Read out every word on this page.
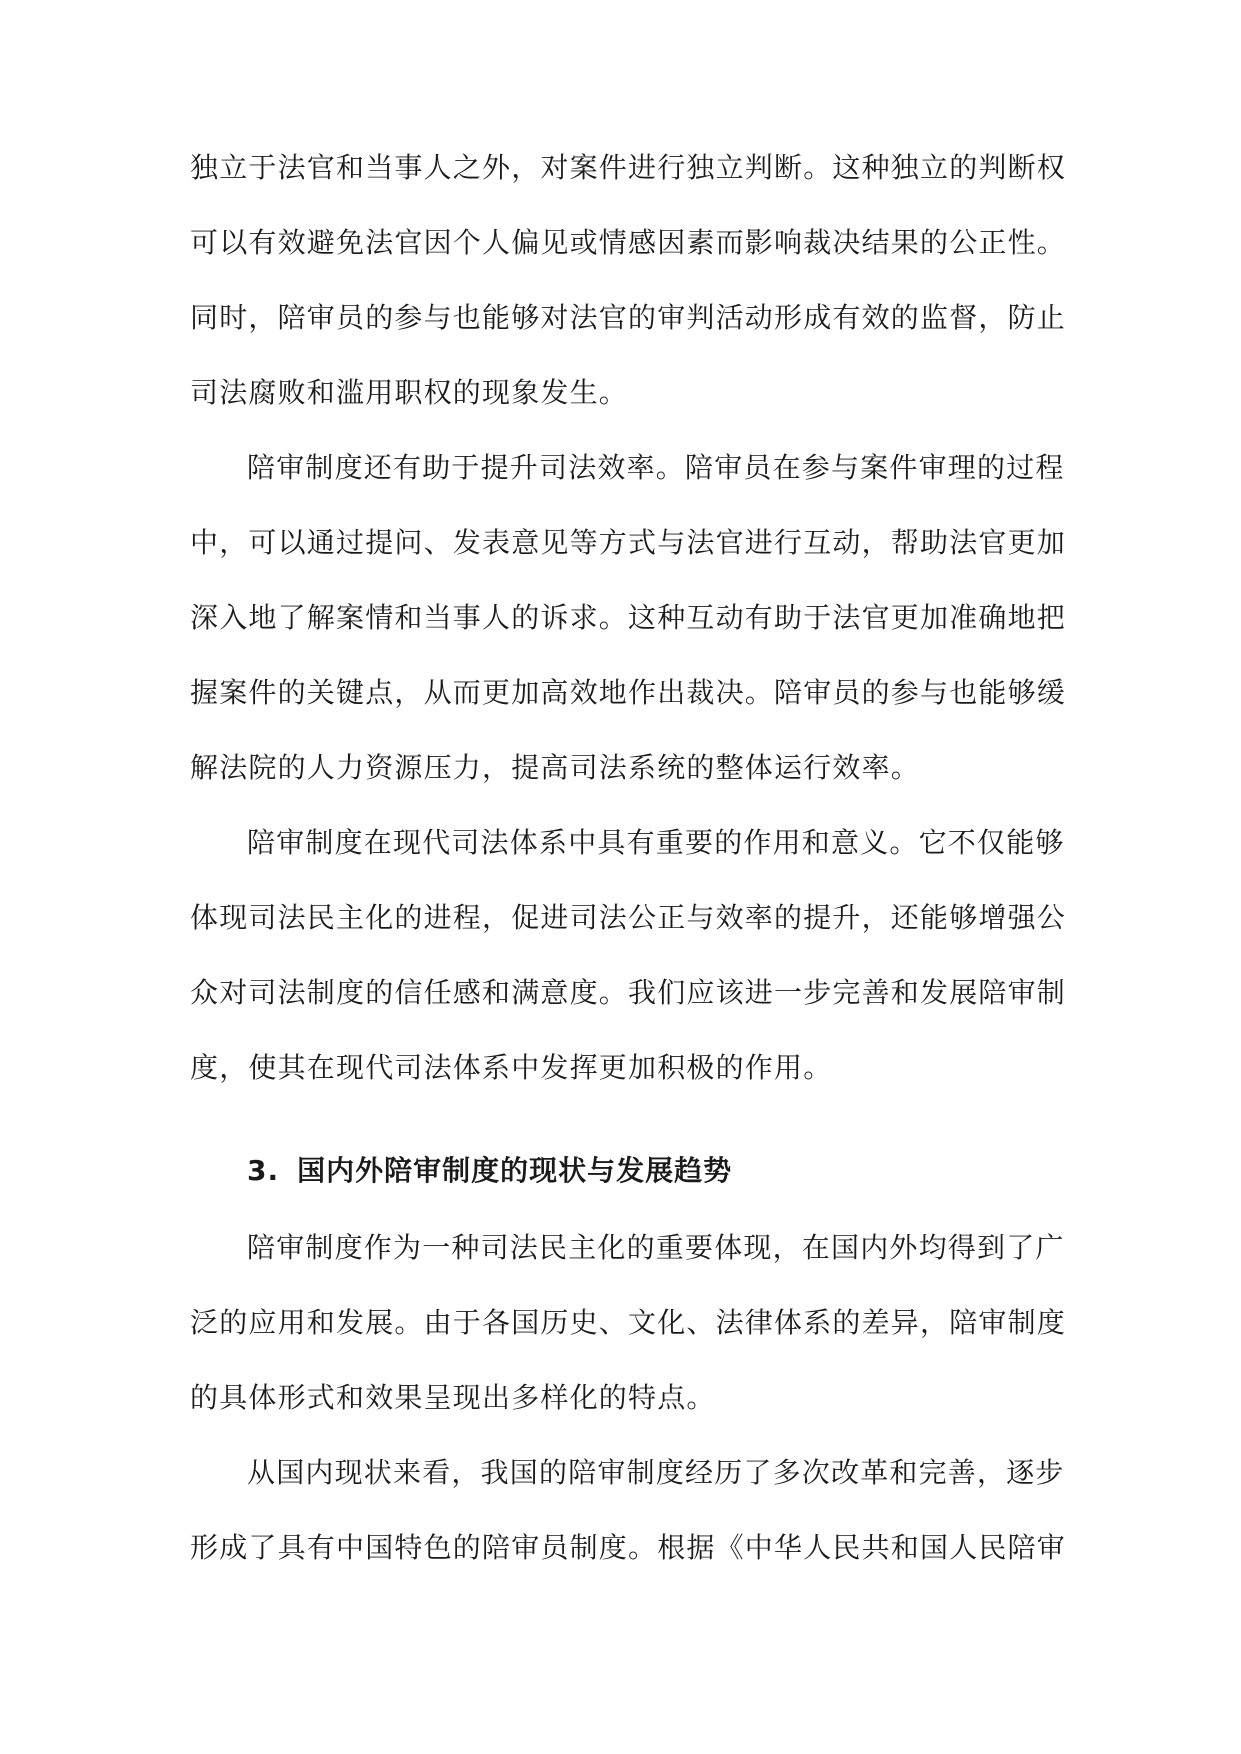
独立于法官和当事人之外，对案件进行独立判断。这种独立的判断权
可以有效避免法官因个人偏见或情感因素而影响裁决结果的公正性。
同时，陪审员的参与也能够对法官的审判活动形成有效的监督，防止
司法腐败和滥用职权的现象发生。
陪审制度还有助于提升司法效率。陪审员在参与案件审理的过程
中，可以通过提问、发表意见等方式与法官进行互动，帮助法官更加
深入地了解案情和当事人的诉求。这种互动有助于法官更加准确地把
握案件的关键点，从而更加高效地作出裁决。陪审员的参与也能够缓
解法院的人力资源压力，提高司法系统的整体运行效率。
陪审制度在现代司法体系中具有重要的作用和意义。它不仅能够
体现司法民主化的进程，促进司法公正与效率的提升，还能够增强公
众对司法制度的信任感和满意度。我们应该进一步完善和发展陪审制
度，使其在现代司法体系中发挥更加积极的作用。
3. 国内外陪审制度的现状与发展趋势
陪审制度作为一种司法民主化的重要体现，在国内外均得到了广
泛的应用和发展。由于各国历史、文化、法律体系的差异，陪审制度
的具体形式和效果呈现出多样化的特点。
从国内现状来看，我国的陪审制度经历了多次改革和完善，逐步
形成了具有中国特色的陪审员制度。根据《中华人民共和国人民陪审
